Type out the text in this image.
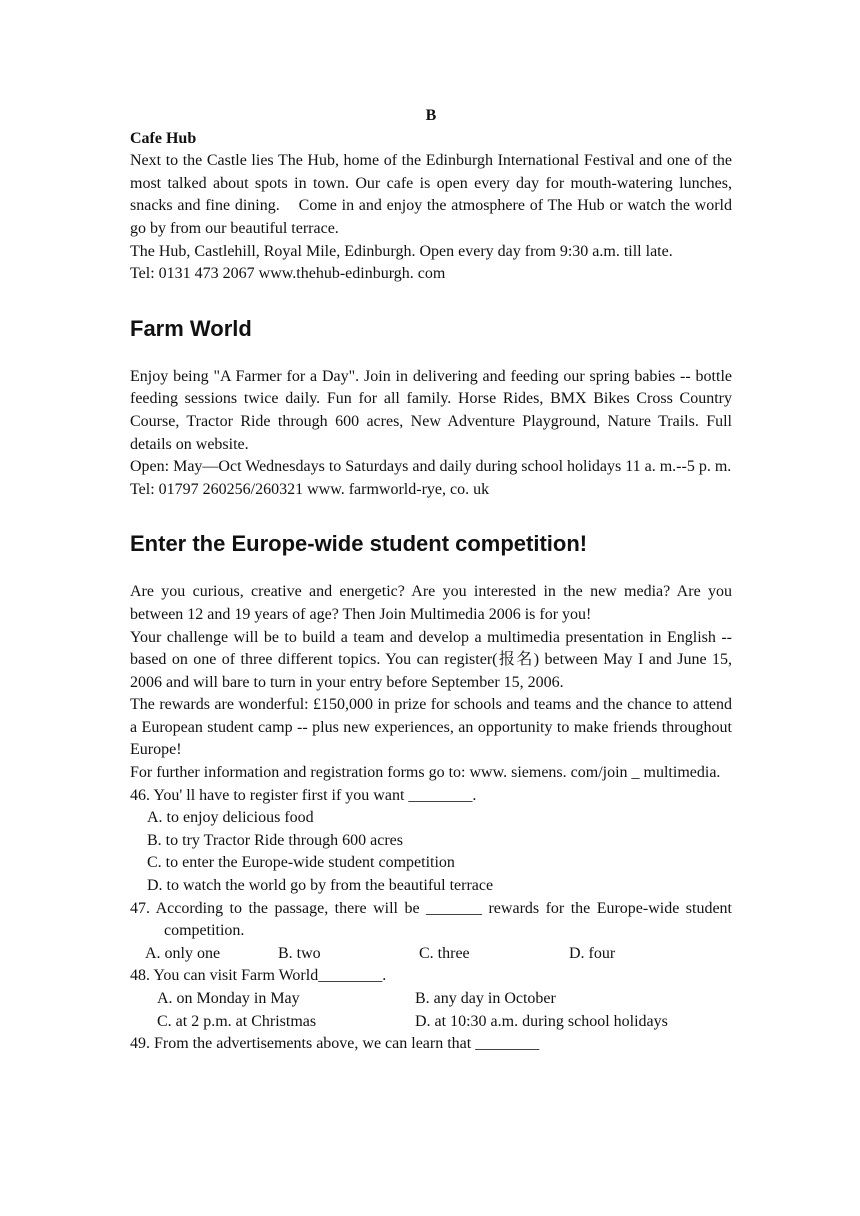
B
Cafe Hub

Next to the Castle lies The Hub, home of the Edinburgh International Festival and one of the most talked about spots in town. Our cafe is open every day for mouth-watering lunches, snacks and fine dining.    Come in and enjoy the atmosphere of The Hub or watch the world go by from our beautiful terrace.

The Hub, Castlehill, Royal Mile, Edinburgh. Open every day from 9:30 a.m. till late.

Tel: 0131 473 2067 www.thehub-edinburgh. com

Farm World

Enjoy being "A Farmer for a Day". Join in delivering and feeding our spring babies -- bottle feeding sessions twice daily. Fun for all family. Horse Rides, BMX Bikes Cross Country Course, Tractor Ride through 600 acres, New Adventure Playground, Nature Trails. Full details on website.

Open: May—Oct Wednesdays to Saturdays and daily during school holidays 11 a. m.--5 p. m.

Tel: 01797 260256/260321 www. farmworld-rye, co. uk

Enter the Europe-wide student competition!

Are you curious, creative and energetic? Are you interested in the new media? Are you between 12 and 19 years of age? Then Join Multimedia 2006 is for you!

Your challenge will be to build a team and develop a multimedia presentation in English -- based on one of three different topics. You can register(报名) between May I and June 15, 2006 and will bare to turn in your entry before September 15, 2006.

The rewards are wonderful: £150,000 in prize for schools and teams and the chance to attend a European student camp -- plus new experiences, an opportunity to make friends throughout Europe!

For further information and registration forms go to: www. siemens. com/join _ multimedia.

46. You' ll have to register first if you want ________.

A. to enjoy delicious food

B. to try Tractor Ride through 600 acres

C. to enter the Europe-wide student competition

D. to watch the world go by from the beautiful terrace

47. According to the passage, there will be _______ rewards for the Europe-wide student competition.

A. only one	B. two	C. three	D. four

48. You can visit Farm World________.

A. on Monday in May	B. any day in October
C. at 2 p.m. at Christmas	D. at 10:30 a.m. during school holidays

49. From the advertisements above, we can learn that ________
